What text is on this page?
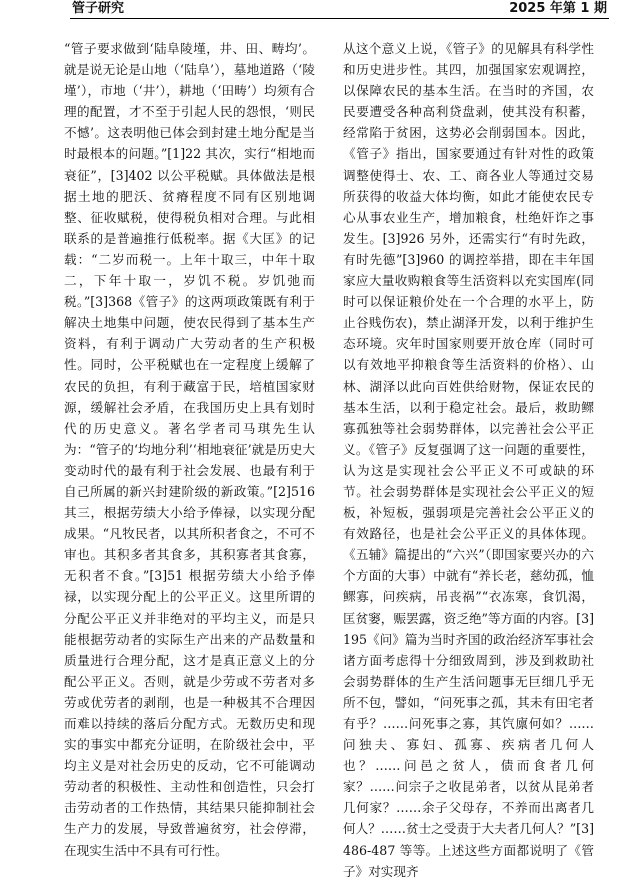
管子研究	2025 年第 1 期

“管子要求做到‘陆阜陵墐，井、田、畴均’。就是说无论是山地（‘陆阜’），墓地道路（‘陵墐’），市地（‘井’），耕地（‘田畴’）均须有合理的配置，才不至于引起人民的怨恨，‘则民不憾’。这表明他已体会到封建土地分配是当时最根本的问题。”[1]22 其次，实行“相地而衰征”，[3]402 以公平税赋。具体做法是根据土地的肥沃、贫瘠程度不同有区别地调整、征收赋税，使得税负相对合理。与此相联系的是普遍推行低税率。据《大匡》的记载：“二岁而税一。上年十取三，中年十取二，下年十取一，岁饥不税。岁饥弛而税。”[3]368《管子》的这两项政策既有利于解决土地集中问题，使农民得到了基本生产资料，有利于调动广大劳动者的生产积极性。同时，公平税赋也在一定程度上缓解了农民的负担，有利于藏富于民，培植国家财源，缓解社会矛盾，在我国历史上具有划时代的历史意义。著名学者司马琪先生认为：“管子的‘均地分利’‘相地衰征’就是历史大变动时代的最有利于社会发展、也最有利于自己所属的新兴封建阶级的新政策。”[2]516 其三，根据劳绩大小给予俸禄，以实现分配成果。“凡牧民者，以其所积者食之，不可不审也。其积多者其食多，其积寡者其食寡，无积者不食。”[3]51 根据劳绩大小给予俸禄，以实现分配上的公平正义。这里所谓的分配公平正义并非绝对的平均主义，而是只能根据劳动者的实际生产出来的产品数量和质量进行合理分配，这才是真正意义上的分配公平正义。否则，就是少劳或不劳者对多劳或优劳者的剥削，也是一种极其不合理因而难以持续的落后分配方式。无数历史和现实的事实中都充分证明，在阶级社会中，平均主义是对社会历史的反动，它不可能调动劳动者的积极性、主动性和创造性，只会打击劳动者的工作热情，其结果只能抑制社会生产力的发展，导致普遍贫穷，社会停滞，在现实生活中不具有可行性。

从这个意义上说，《管子》的见解具有科学性和历史进步性。其四，加强国家宏观调控，以保障农民的基本生活。在当时的齐国，农民要遭受各种高利贷盘剥，使其没有积蓄，经常陷于贫困，这势必会削弱国本。因此，《管子》指出，国家要通过有针对性的政策调整使得士、农、工、商各业人等通过交易所获得的收益大体均衡，如此才能使农民专心从事农业生产，增加粮食，杜绝奸诈之事发生。[3]926 另外，还需实行“有时先政，有时先德”[3]960 的调控举措，即在丰年国家应大量收购粮食等生活资料以充实国库(同时可以保证粮价处在一个合理的水平上，防止谷贱伤农)，禁止湖泽开发，以利于维护生态环境。灾年时国家则要开放仓库（同时可以有效地平抑粮食等生活资料的价格）、山林、湖泽以此向百姓供给财物，保证农民的基本生活，以利于稳定社会。最后，救助鳏寡孤独等社会弱势群体，以完善社会公平正义。《管子》反复强调了这一问题的重要性，认为这是实现社会公平正义不可或缺的环节。社会弱势群体是实现社会公平正义的短板，补短板，强弱项是完善社会公平正义的有效路径，也是社会公平正义的具体体现。《五辅》篇提出的“六兴”（即国家要兴办的六个方面的大事）中就有“养长老，慈幼孤，恤鳏寡，问疾病，吊丧祸”“衣冻寒，食饥渴，匡贫窭，赈罢露，资乏绝”等方面的内容。[3]195《问》篇为当时齐国的政治经济军事社会诸方面考虑得十分细致周到，涉及到救助社会弱势群体的生产生活问题事无巨细几乎无所不包，譬如，“问死事之孤，其未有田宅者有乎？……问死事之寡，其饩廪何如？……问独夫、寡妇、孤寡、疾病者几何人也？……问邑之贫人，债而食者几何家？……问宗子之收昆弟者，以贫从昆弟者几何家？……余子父母存，不养而出离者几何人？……贫士之受责于大夫者几何人？”[3]486-487 等等。上述这些方面都说明了《管子》对实现齐
